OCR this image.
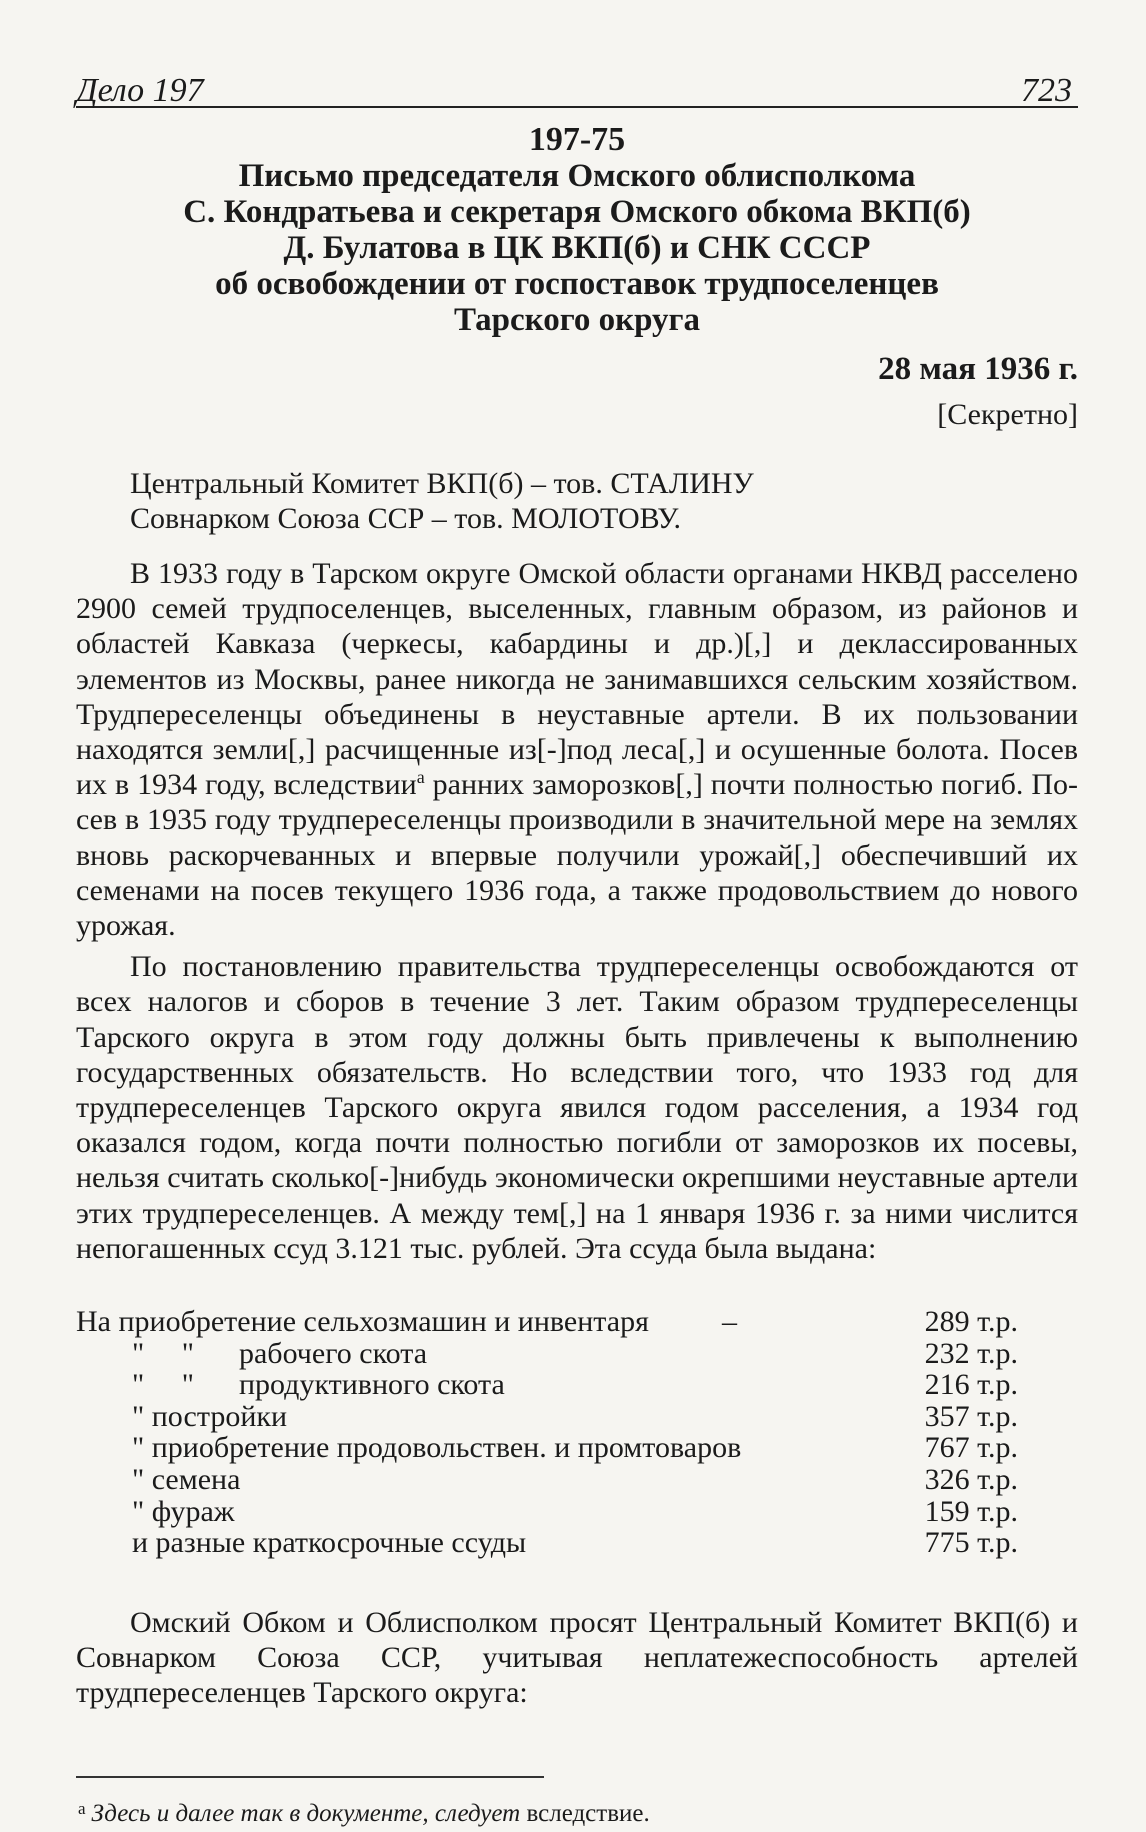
Дело 197	723
197-75
Письмо председателя Омского облисполкома
С. Кондратьева и секретаря Омского обкома ВКП(б)
Д. Булатова в ЦК ВКП(б) и СНК СССР
об освобождении от госпоставок трудпоселенцев
Тарского округа
28 мая 1936 г.
[Секретно]
Центральный Комитет ВКП(б) – тов. СТАЛИНУ
Совнарком Союза ССР – тов. МОЛОТОВУ.

В 1933 году в Тарском округе Омской области органами НКВД расселено 2900 семей трудпоселенцев, выселенных, главным образом, из районов и областей Кавказа (черкесы, кабардины и др.)[,] и деклассированных элементов из Москвы, ранее никогда не занимавшихся сельским хозяйством. Трудпереселенцы объединены в неуставные артели. В их пользовании находятся земли[,] расчищенные из[-]под леса[,] и осушенные болота. Посев их в 1934 году, вследствии$^а$ ранних заморозков[,] почти полностью погиб. Посев в 1935 году трудпереселенцы производили в значительной мере на землях вновь раскорчеванных и впервые получили урожай[,] обеспечивший их семенами на посев текущего 1936 года, а также продовольствием до нового урожая.

По постановлению правительства трудпереселенцы освобождаются от всех налогов и сборов в течение 3 лет. Таким образом трудпереселенцы Тарского округа в этом году должны быть привлечены к выполнению государственных обязательств. Но вследствии того, что 1933 год для трудпереселенцев Тарского округа явился годом расселения, а 1934 год оказался годом, когда почти полностью погибли от заморозков их посевы, нельзя считать сколько[-]нибудь экономически окрепшими неуставные артели этих трудпереселенцев. А между тем[,] на 1 января 1936 г. за ними числится непогашенных ссуд 3.121 тыс. рублей. Эта ссуда была выдана:

На приобретение сельхозмашин и инвентаря –	289 т.р.
"     "      рабочего скота	232 т.р.
"     "      продуктивного скота	216 т.р.
" постройки	357 т.р.
" приобретение продовольствен. и промтоваров	767 т.р.
" семена	326 т.р.
" фураж	159 т.р.
и разные краткосрочные ссуды	775 т.р.

Омский Обком и Облисполком просят Центральный Комитет ВКП(б) и Совнарком Союза ССР, учитывая неплатежеспособность артелей трудпереселенцев Тарского округа:

$^а$ Здесь и далее так в документе, следует вследствие.
